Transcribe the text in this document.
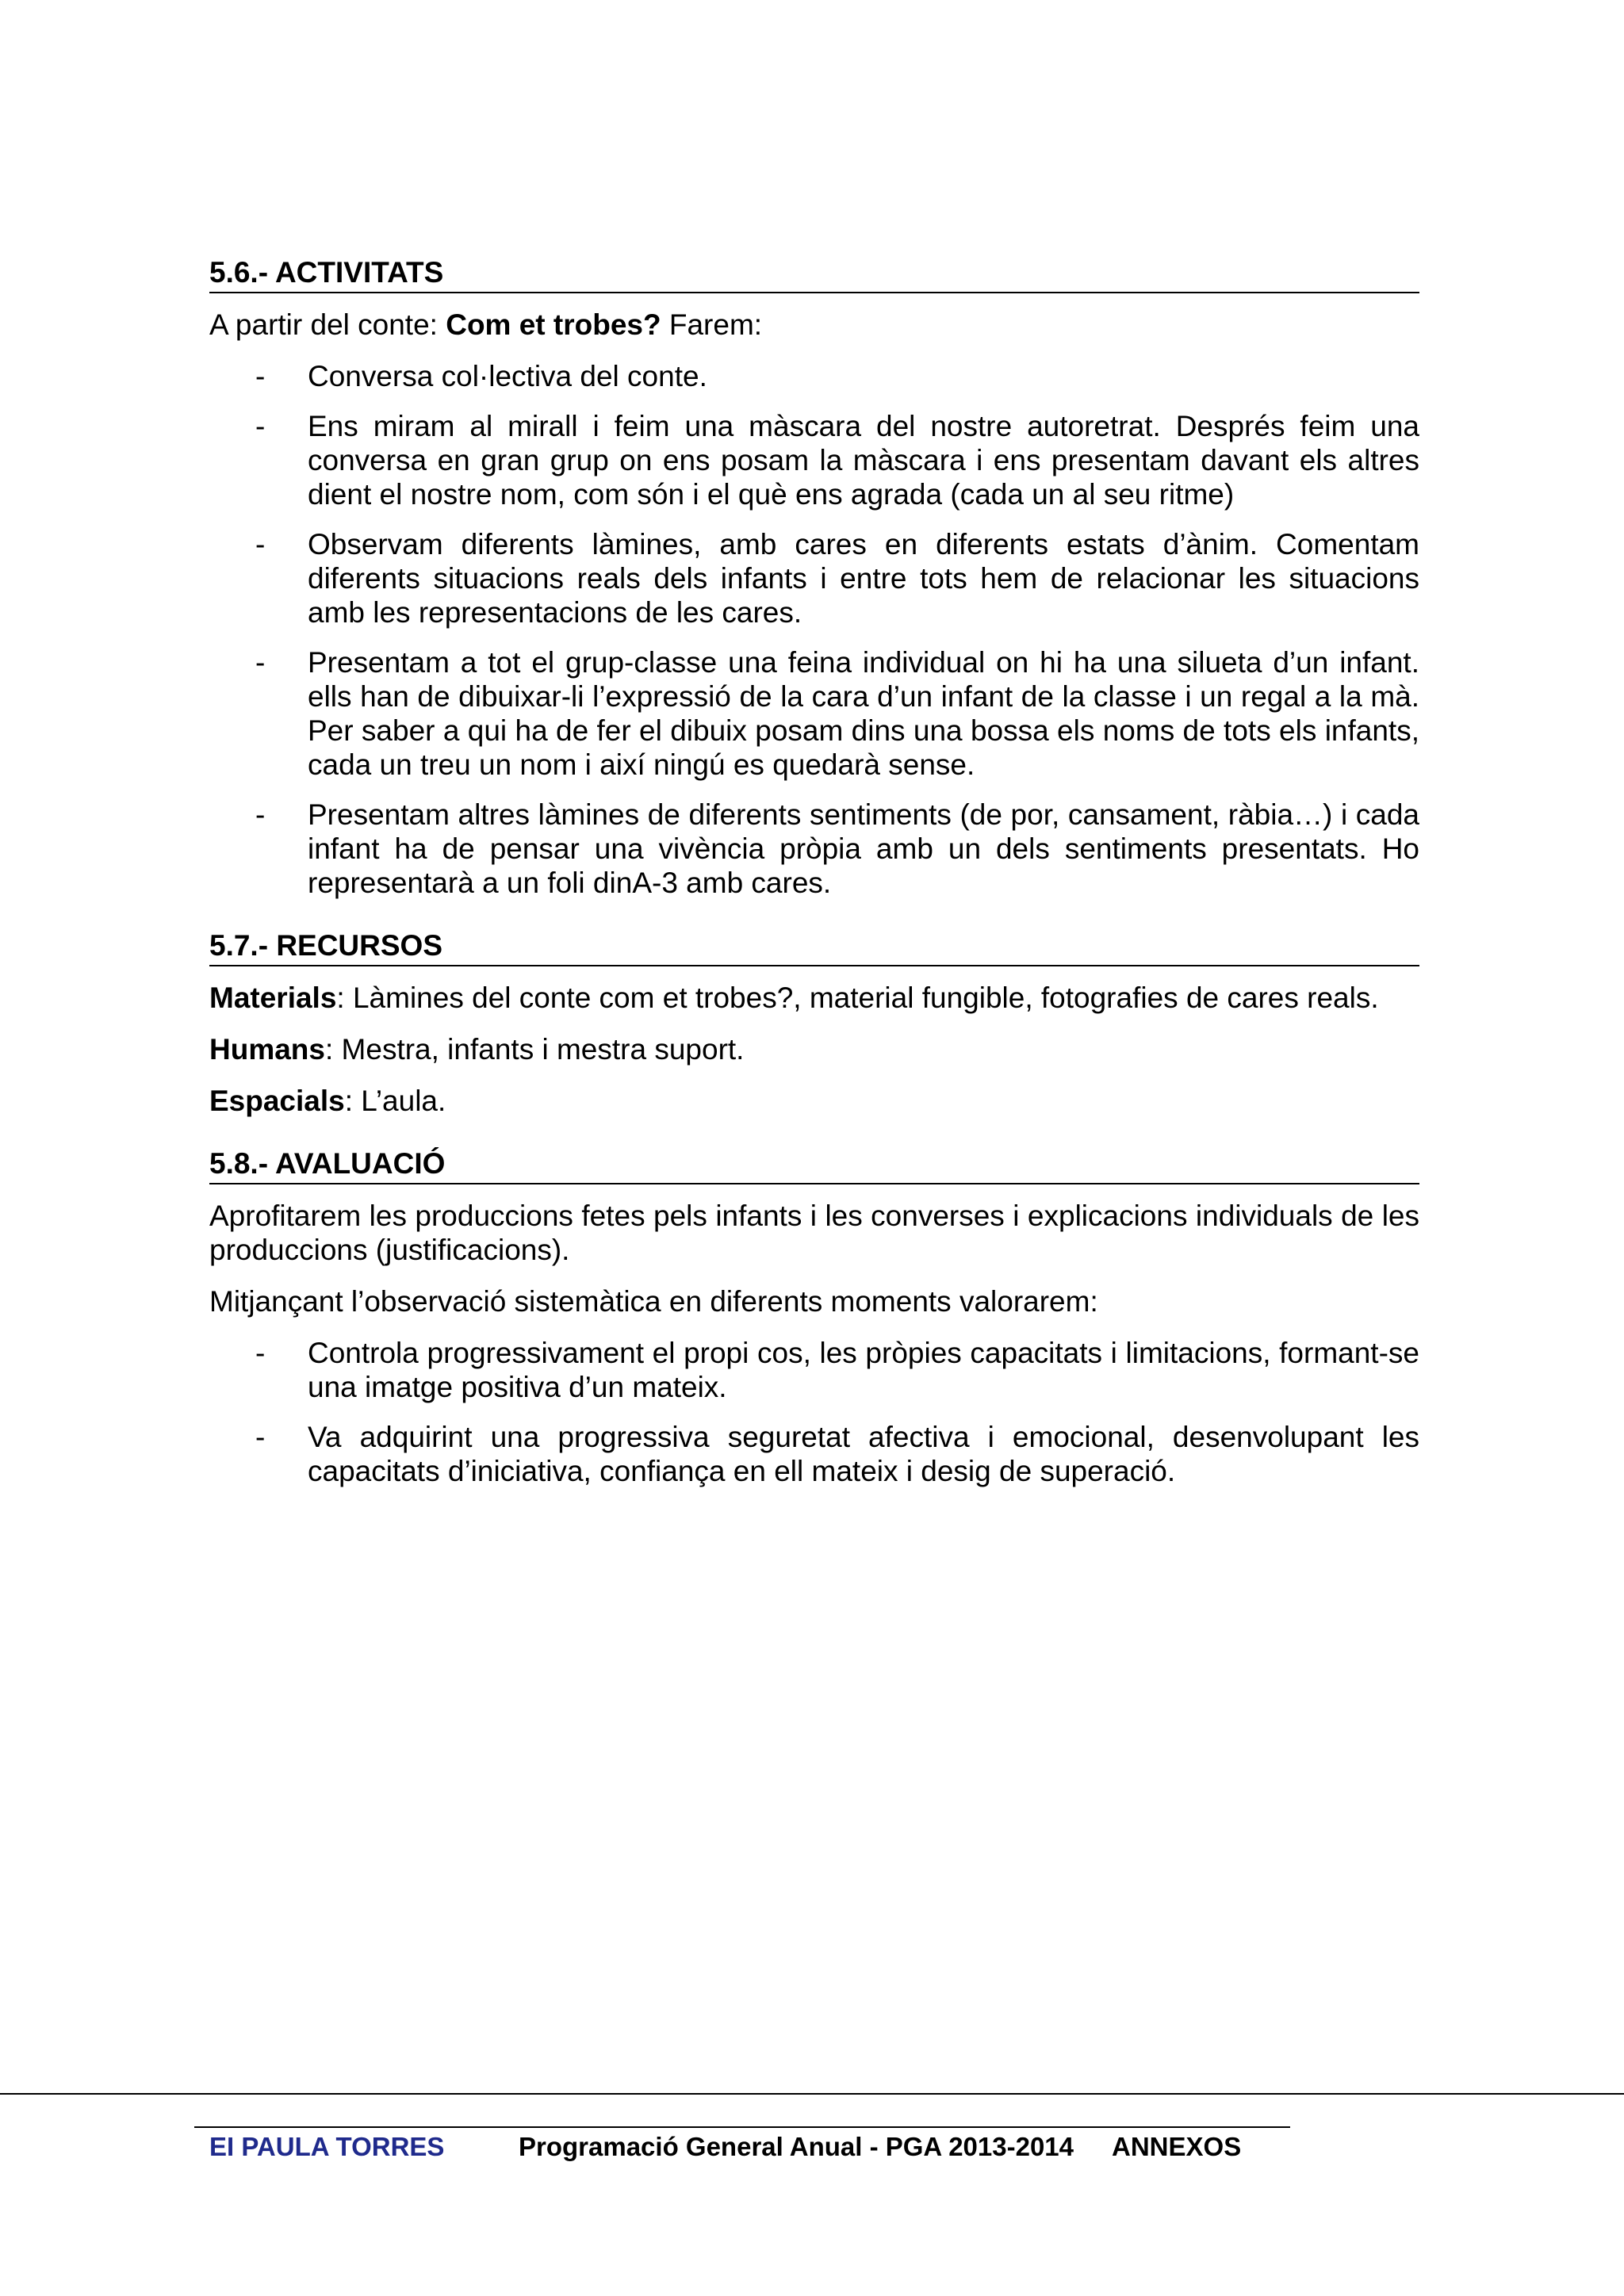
5.6.- ACTIVITATS

A partir del conte: Com et trobes? Farem:

- Conversa col·lectiva del conte.
- Ens miram al mirall i feim una màscara del nostre autoretrat. Després feim una conversa en gran grup on ens posam la màscara i ens presentam davant els altres dient el nostre nom, com són i el què ens agrada (cada un al seu ritme)
- Observam diferents làmines, amb cares en diferents estats d’ànim. Comentam diferents situacions reals dels infants i entre tots hem de relacionar les situacions amb les representacions de les cares.
- Presentam a tot el grup-classe una feina individual on hi ha una silueta d’un infant. ells han de dibuixar-li l’expressió de la cara d’un infant de la classe i un regal a la mà. Per saber a qui ha de fer el dibuix posam dins una bossa els noms de tots els infants, cada un treu un nom i així ningú es quedarà sense.
- Presentam altres làmines de diferents sentiments (de por, cansament, ràbia…) i cada infant ha de pensar una vivència pròpia amb un dels sentiments presentats. Ho representarà a un foli dinA-3 amb cares.
5.7.- RECURSOS

Materials: Làmines del conte com et trobes?, material fungible, fotografies de cares reals.

Humans: Mestra, infants i mestra suport.

Espacials: L’aula.

5.8.- AVALUACIÓ

Aprofitarem les produccions fetes pels infants i les converses i explicacions individuals de les produccions (justificacions).

Mitjançant l’observació sistemàtica en diferents moments valorarem:

- Controla progressivament el propi cos, les pròpies capacitats i limitacions, formant-se una imatge positiva d’un mateix.
- Va adquirint una progressiva seguretat afectiva i emocional, desenvolupant les capacitats d’iniciativa, confiança en ell mateix i desig de superació.
EI PAULA TORRES	Programació General Anual - PGA 2013-2014 ANNEXOS
